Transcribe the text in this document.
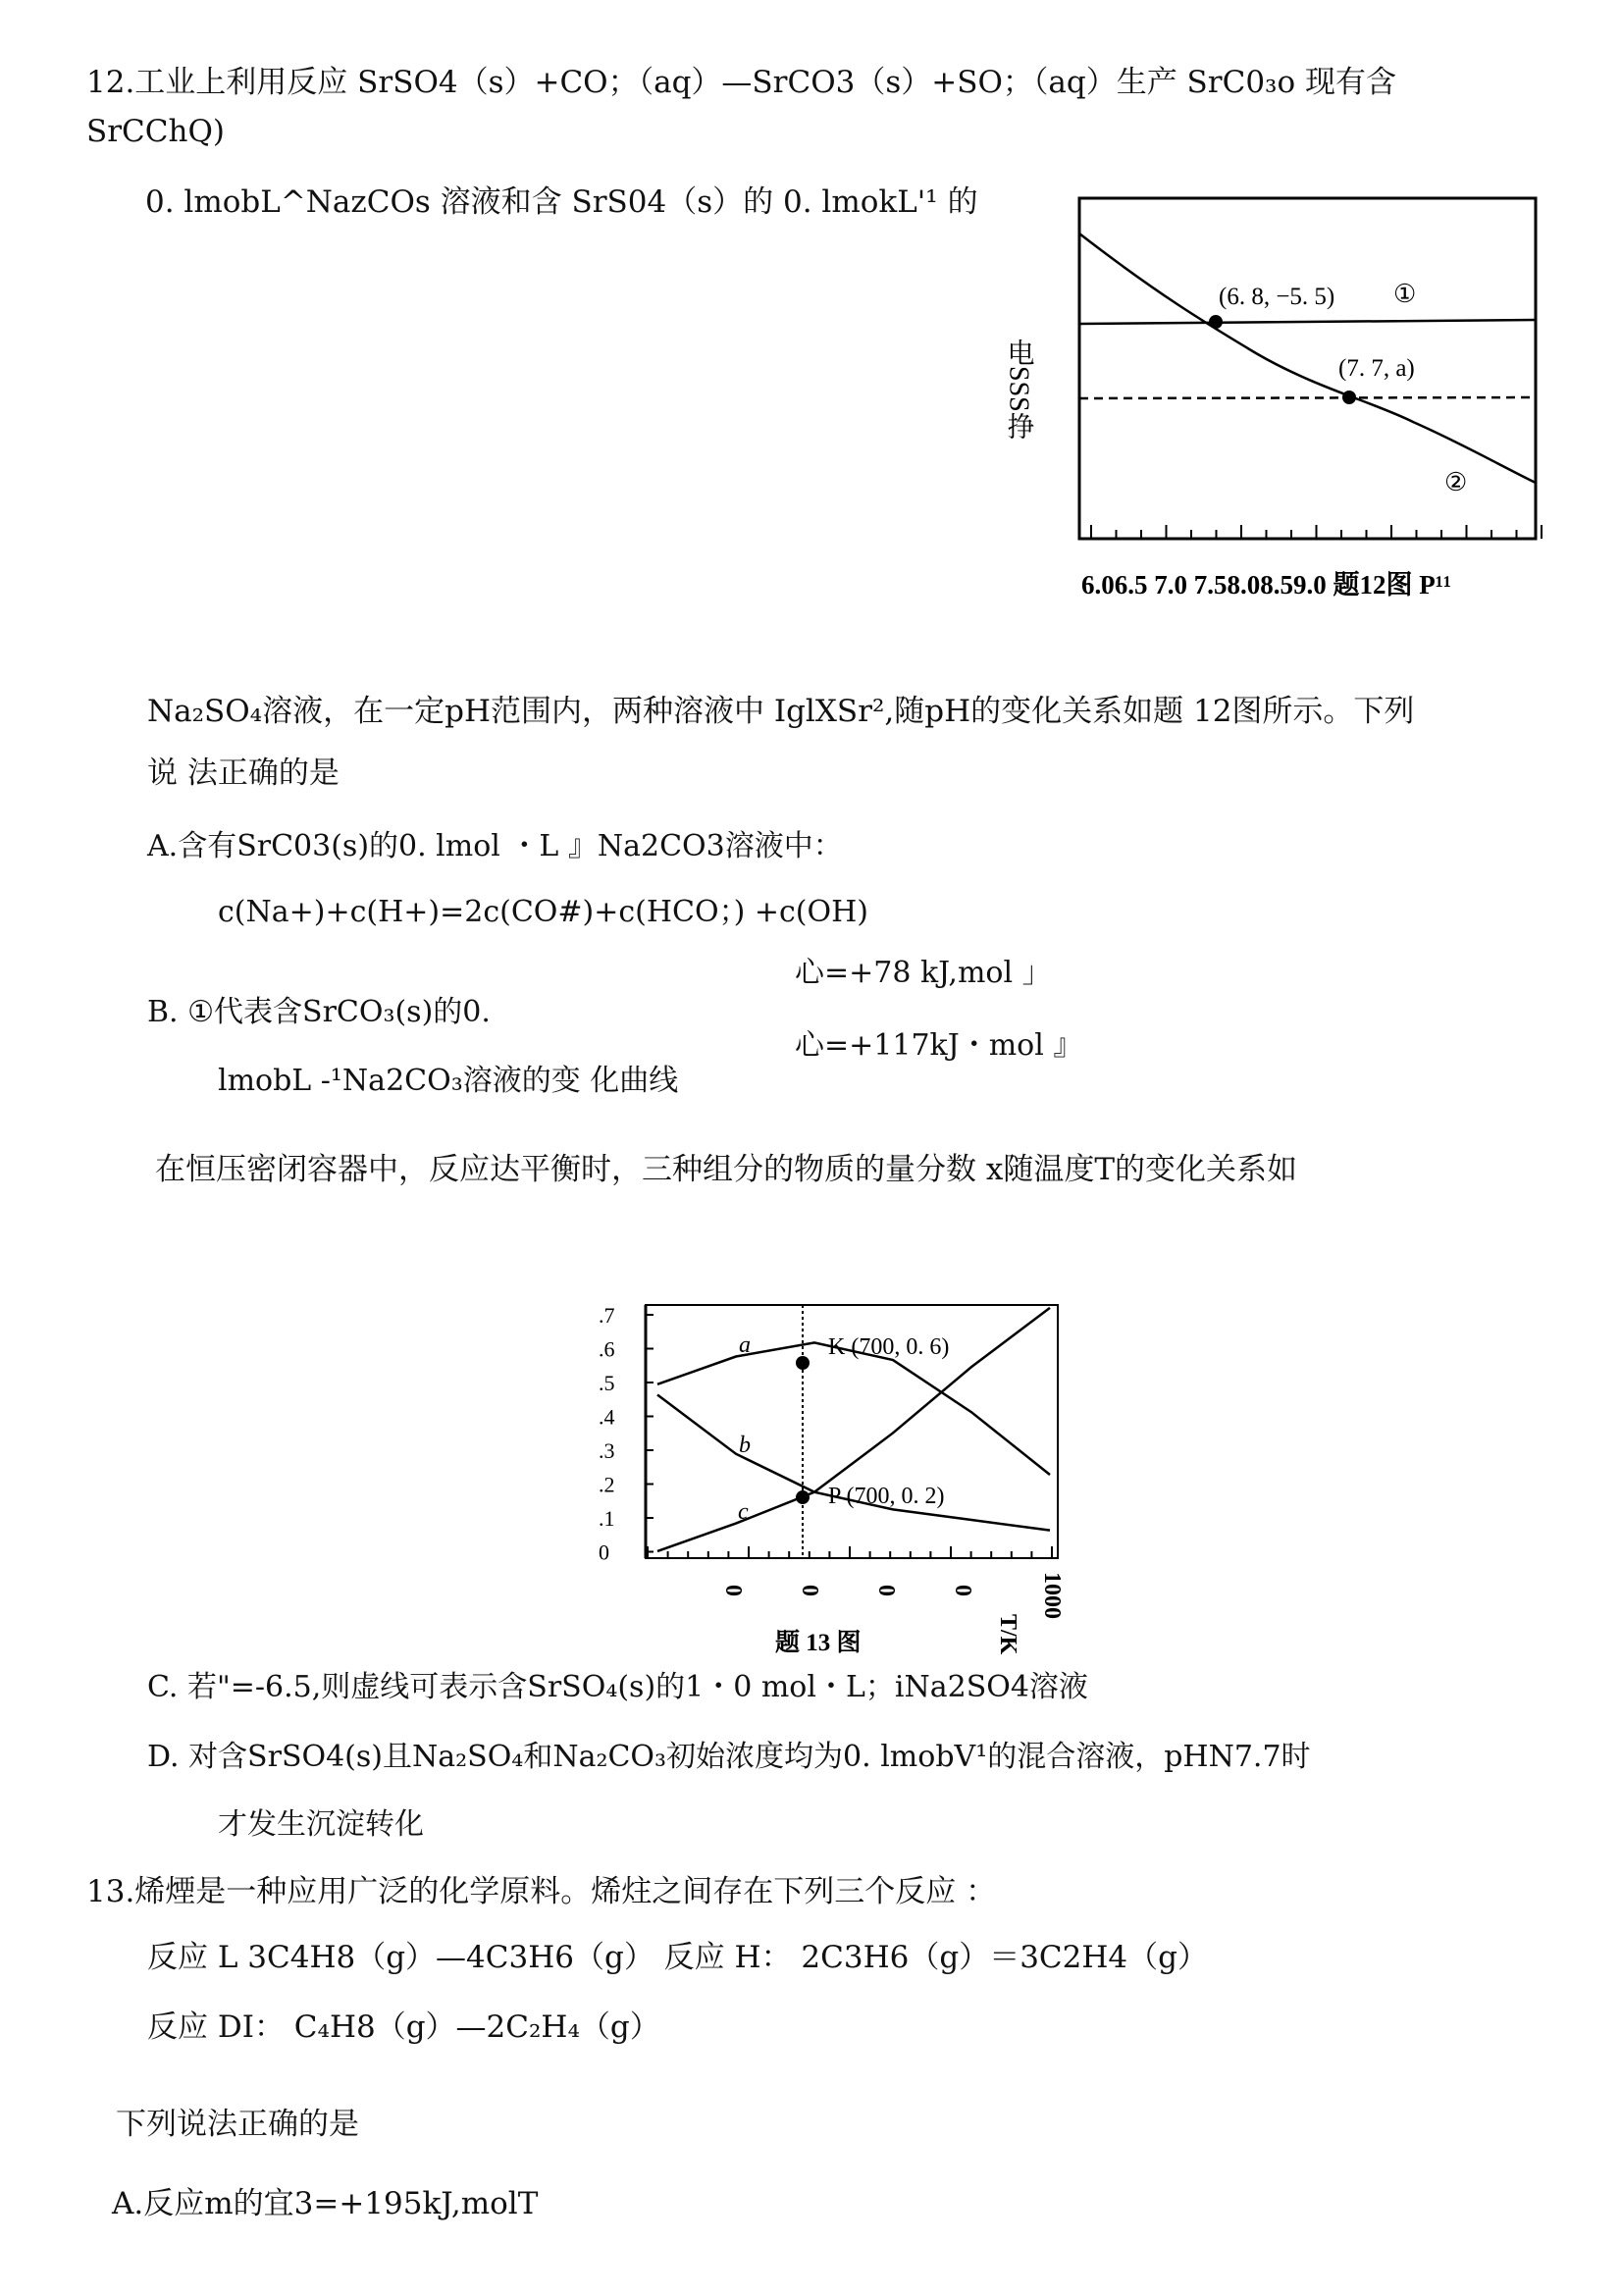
12.工业上利用反应 SrSO4（s）+CO；（aq）—SrCO3（s）+SO；（aq）生产 SrC0₃o 现有含
SrCChQ)
0. lmobL^NazCOs 溶液和含 SrS04（s）的 0. lmokL'¹ 的
电SSS挣
(6. 8, −5. 5) ①
(7. 7, a)
②
6.06.5 7.0 7.58.08.59.0 题12图 P¹¹
Na₂SO₄溶液，在一定pH范围内，两种溶液中 IglXSr²,随pH的变化关系如题 12图所示。下列
说 法正确的是
A.含有SrC03(s)的0. lmol ・L 』Na2CO3溶液中：
c(Na+)+c(H+)=2c(CO#)+c(HCO；) +c(OH)
心=+78 kJ,mol 」
B. ①代表含SrCO₃(s)的0.
心=+117kJ・mol 』
lmobL -¹Na2CO₃溶液的变 化曲线
在恒压密闭容器中，反应达平衡时，三种组分的物质的量分数 x随温度T的变化关系如
.7
.6
.5
.4
.3
.2
.1
0
a
b
c
K (700, 0. 6)
P (700, 0. 2)
0 0 0 0	1000
T/K
题 13 图
C. 若"=-6.5,则虚线可表示含SrSO₄(s)的1・0 mol・L；iNa2SO4溶液
D. 对含SrSO4(s)且Na₂SO₄和Na₂CO₃初始浓度均为0. lmobV¹的混合溶液，pHN7.7时
才发生沉淀转化
13.烯煙是一种应用广泛的化学原料。烯炷之间存在下列三个反应 ：
反应 L 3C4H8（g）—4C3H6（g） 反应 H： 2C3H6（g）＝3C2H4（g）
反应 DI： C₄H8（g）—2C₂H₄（g）
下列说法正确的是
A.反应m的宜3=+195kJ,molT
